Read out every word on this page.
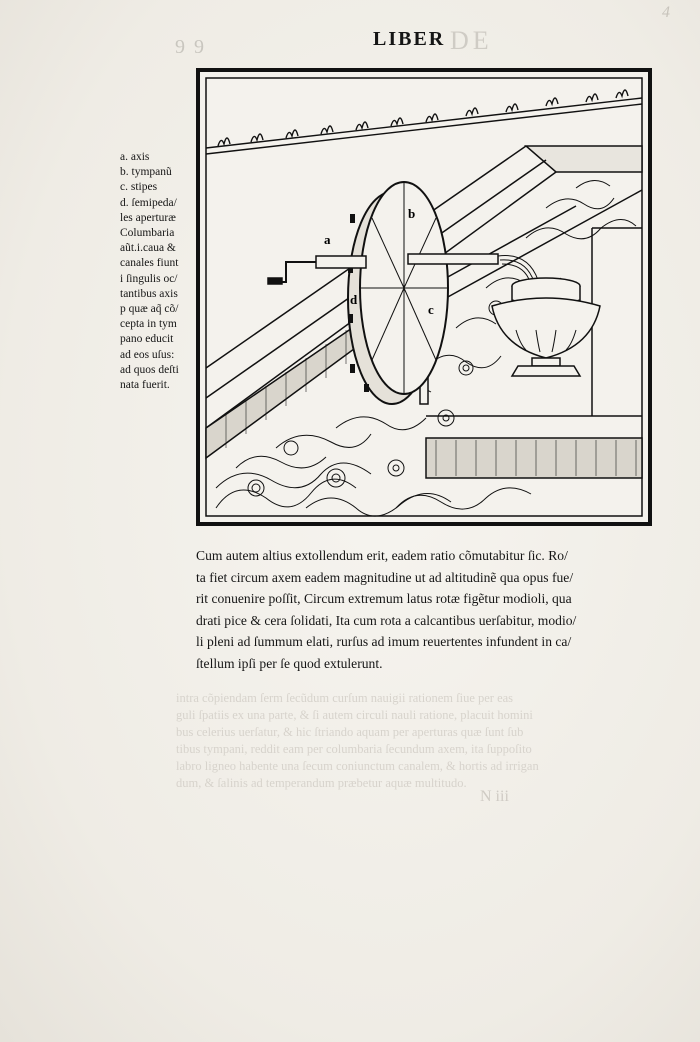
9 9	DE
4
LIBER
a. axis
b. tympanũ
c. stipes
d. ſemipeda/
les aperturæ
Columbaria
aũt.i.caua &
canales fiunt
i ſingulis oc/
tantibus axis
p quæ aq̃ cõ/
cepta in tym
pano educit
ad eos uſus:
ad quos deſti
nata fuerit.
a
b
c
d
Cum autem altius extollendum erit, eadem ratio cõmutabitur ſic. Ro/
ta fiet circum axem eadem magnitudine ut ad altitudinẽ qua opus fue/
rit conuenire poſſit, Circum extremum latus rotæ figẽtur modioli, qua
drati pice & cera ſolidati, Ita cum rota a calcantibus uerſabitur, modio/
li pleni ad ſummum elati, rurſus ad imum reuertentes infundent in ca/
ſtellum ipſi per ſe quod extulerunt.
intra cõpiendam ſerm ſecũdum curſum nauigii rationem ſiue per eas
guli ſpatiis ex una parte, & ſi autem circuli nauli ratione, placuit homini
bus celerius uerſatur, & hic ſtriando aquam per aperturas quæ ſunt ſub
tibus tympani, reddit eam per columbaria ſecundum axem, ita ſuppoſito
labro ligneo habente una ſecum coniunctum canalem, & hortis ad irrigan
dum, & ſalinis ad temperandum præbetur aquæ multitudo.
N iii
